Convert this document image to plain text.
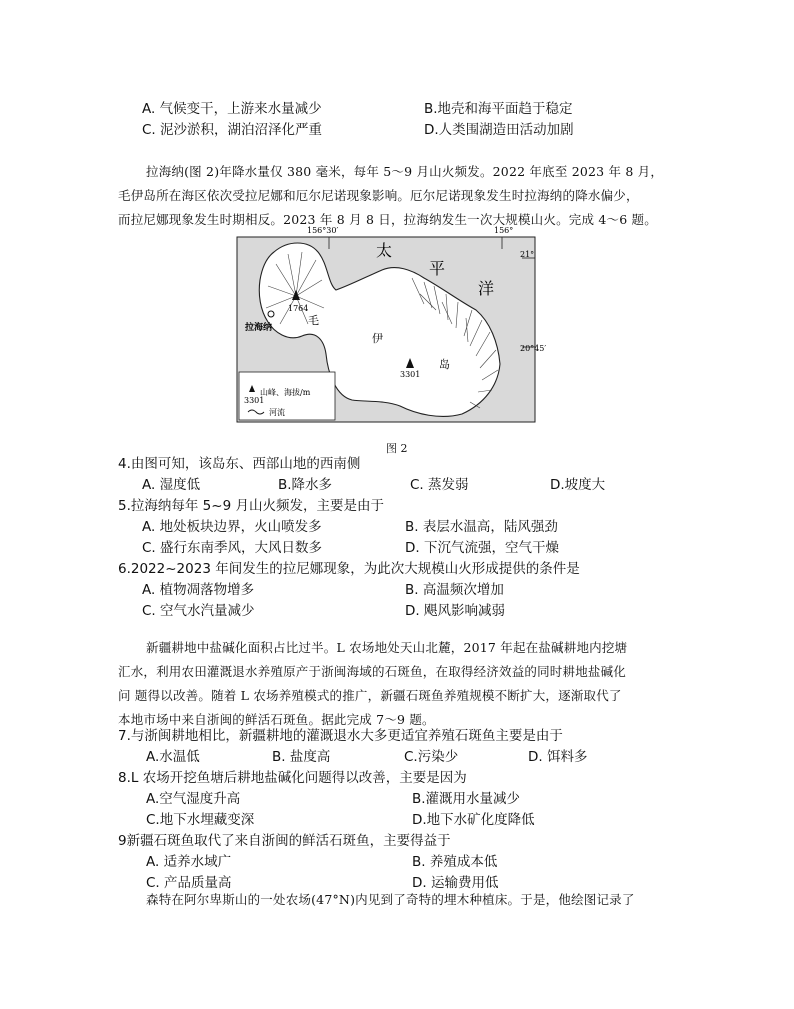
A. 气候变干，上游来水量减少	B.地壳和海平面趋于稳定
C. 泥沙淤积，湖泊沼泽化严重	D.人类围湖造田活动加剧
拉海纳(图 2)年降水量仅 380 毫米，每年 5～9 月山火频发。2022 年底至 2023 年 8 月，
毛伊岛所在海区依次受拉尼娜和厄尔尼诺现象影响。厄尔尼诺现象发生时拉海纳的降水偏少，
而拉尼娜现象发生时期相反。2023 年 8 月 8 日，拉海纳发生一次大规模山火。完成 4～6 题。
156°30′	156°
21°
20°45′
太
平
洋
毛
伊
岛
拉海纳
1764
3301
3301
山峰、海拔/m
河流
图 2
4.由图可知，该岛东、西部山地的西南侧
A. 湿度低	B.降水多	C. 蒸发弱	D.坡度大
5.拉海纳每年 5~9 月山火频发，主要是由于
A. 地处板块边界，火山喷发多	B. 表层水温高，陆风强劲
C. 盛行东南季风，大风日数多	D. 下沉气流强，空气干燥
6.2022~2023 年间发生的拉尼娜现象，为此次大规模山火形成提供的条件是
A. 植物凋落物增多	B. 高温频次增加
C. 空气水汽量减少	D. 飓风影响减弱
新疆耕地中盐碱化面积占比过半。L 农场地处天山北麓，2017 年起在盐碱耕地内挖塘
汇水，利用农田灌溉退水养殖原产于浙闽海域的石斑鱼，在取得经济效益的同时耕地盐碱化
问 题得以改善。随着 L 农场养殖模式的推广，新疆石斑鱼养殖规模不断扩大，逐渐取代了
本地市场中来自浙闽的鲜活石斑鱼。据此完成 7～9 题。
7.与浙闽耕地相比，新疆耕地的灌溉退水大多更适宜养殖石斑鱼主要是由于
A.水温低	B. 盐度高	C.污染少	D. 饵料多
8.L 农场开挖鱼塘后耕地盐碱化问题得以改善，主要是因为
A.空气湿度升高	B.灌溉用水量减少
C.地下水埋藏变深	D.地下水矿化度降低
9新疆石斑鱼取代了来自浙闽的鲜活石斑鱼，主要得益于
A. 适养水域广	B. 养殖成本低
C. 产品质量高	D. 运输费用低
森特在阿尔卑斯山的一处农场(47°N)内见到了奇特的埋木种植床。于是，他绘图记录了
